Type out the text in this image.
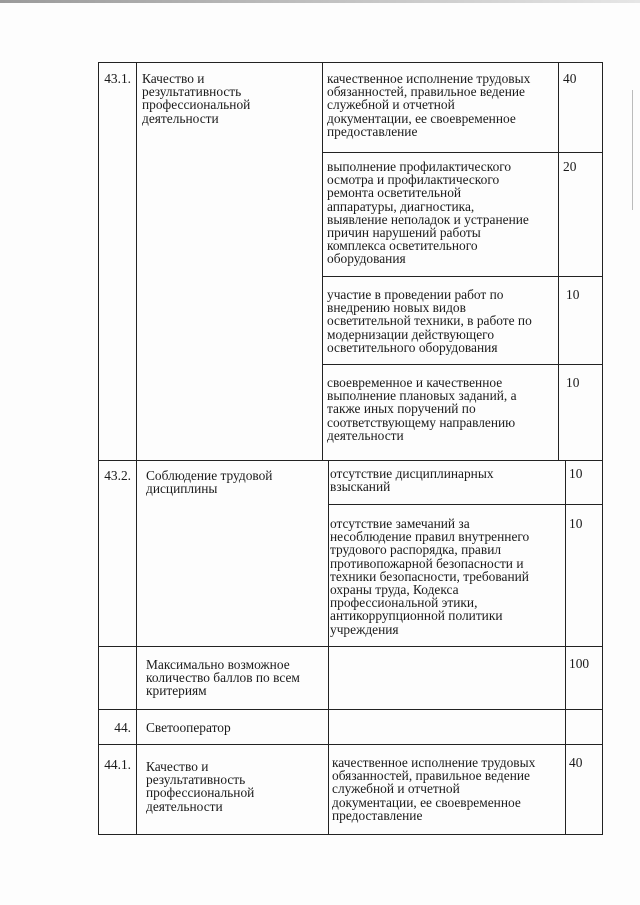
43.1.
43.2.
44.
44.1.
Качество и
результативность
профессиональной
деятельности
Соблюдение трудовой
дисциплины
Максимально возможное
количество баллов по всем
критериям
Светооператор
Качество и
результативность
профессиональной
деятельности
качественное исполнение трудовых
обязанностей, правильное ведение
служебной и отчетной
документации, ее своевременное
предоставление
выполнение профилактического
осмотра и профилактического
ремонта осветительной
аппаратуры, диагностика,
выявление неполадок и устранение
причин нарушений работы
комплекса осветительного
оборудования
участие в проведении работ по
внедрению новых видов
осветительной техники, в работе по
модернизации действующего
осветительного оборудования
своевременное и качественное
выполнение плановых заданий, а
также иных поручений по
соответствующему направлению
деятельности
отсутствие дисциплинарных
взысканий
отсутствие замечаний за
несоблюдение правил внутреннего
трудового распорядка, правил
противопожарной безопасности и
техники безопасности, требований
охраны труда, Кодекса
профессиональной этики,
антикоррупционной политики
учреждения
качественное исполнение трудовых
обязанностей, правильное ведение
служебной и отчетной
документации, ее своевременное
предоставление
40
20
10
10
10
10
100
40
